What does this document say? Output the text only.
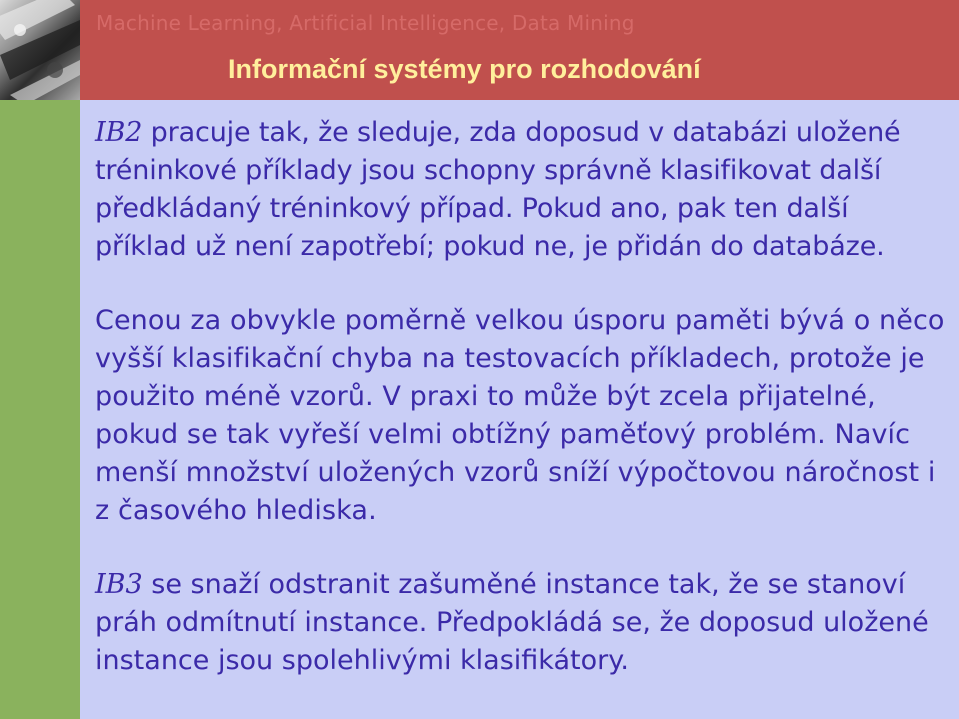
Machine Learning, Artificial Intelligence, Data Mining
Informační systémy pro rozhodování

IB2 pracuje tak, že sleduje, zda doposud v databázi uložené tréninkové příklady jsou schopny správně klasifikovat další předkládaný tréninkový případ. Pokud ano, pak ten další příklad už není zapotřebí; pokud ne, je přidán do databáze.

Cenou za obvykle poměrně velkou úsporu paměti bývá o něco vyšší klasifikační chyba na testovacích příkladech, protože je použito méně vzorů. V praxi to může být zcela přijatelné, pokud se tak vyřeší velmi obtížný paměťový problém. Navíc menší množství uložených vzorů sníží výpočtovou náročnost i z časového hlediska.

IB3 se snaží odstranit zašuměné instance tak, že se stanoví práh odmítnutí instance. Předpokládá se, že doposud uložené instance jsou spolehlivými klasifikátory.
